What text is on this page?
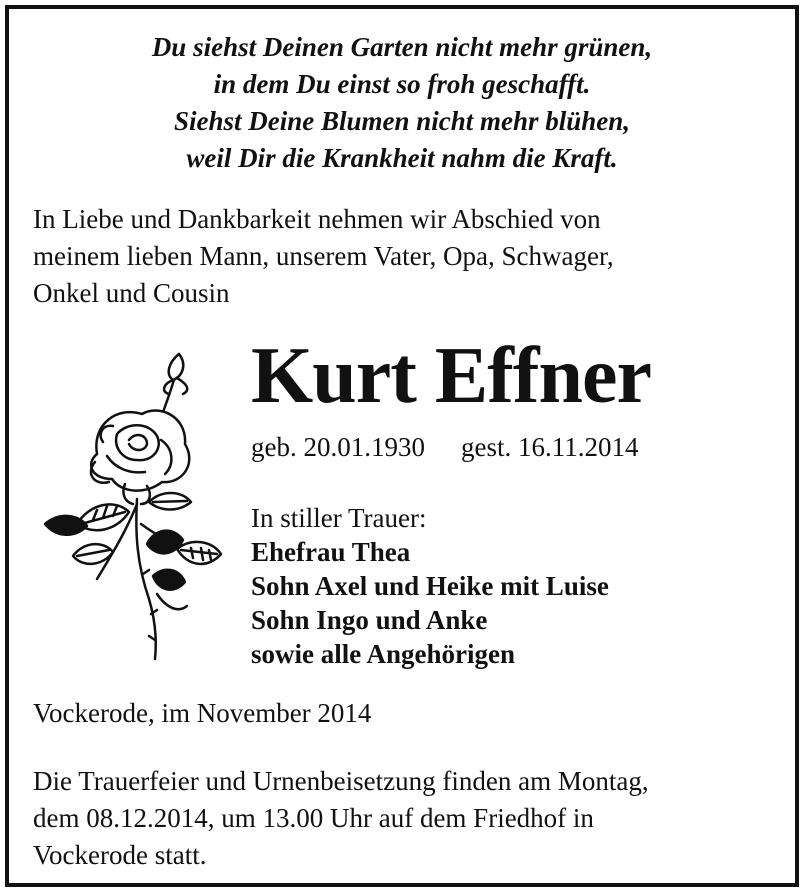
Du siehst Deinen Garten nicht mehr grünen,
in dem Du einst so froh geschafft.
Siehst Deine Blumen nicht mehr blühen,
weil Dir die Krankheit nahm die Kraft.
In Liebe und Dankbarkeit nehmen wir Abschied von
meinem lieben Mann, unserem Vater, Opa, Schwager,
Onkel und Cousin
Kurt Effner
geb. 20.01.1930 gest. 16.11.2014
In stiller Trauer:
Ehefrau Thea
Sohn Axel und Heike mit Luise
Sohn Ingo und Anke
sowie alle Angehörigen
Vockerode, im November 2014
Die Trauerfeier und Urnenbeisetzung finden am Montag,
dem 08.12.2014, um 13.00 Uhr auf dem Friedhof in
Vockerode statt.
